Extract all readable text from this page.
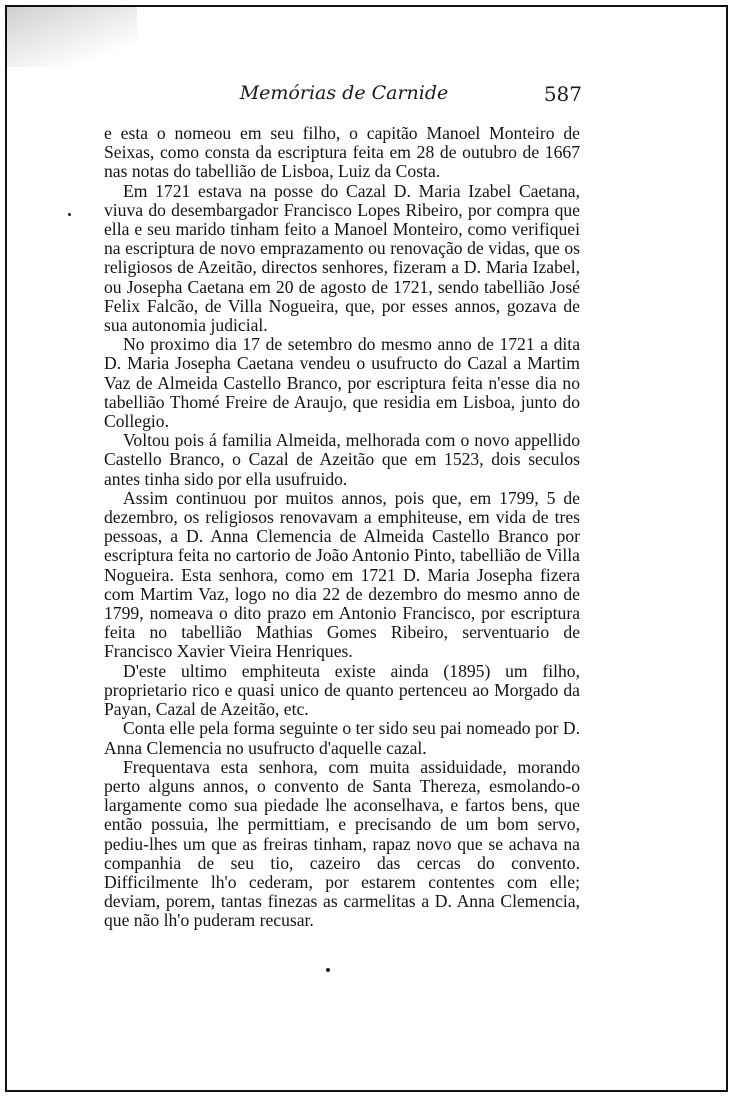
Memórias de Carnide	587

e esta o nomeou em seu filho, o capitão Manoel Monteiro de Seixas, como consta da escriptura feita em 28 de outubro de 1667 nas notas do tabellião de Lisboa, Luiz da Costa.

Em 1721 estava na posse do Cazal D. Maria Izabel Caetana, viuva do desembargador Francisco Lopes Ribeiro, por compra que ella e seu marido tinham feito a Manoel Monteiro, como verifiquei na escriptura de novo emprazamento ou renovação de vidas, que os religiosos de Azeitão, directos senhores, fizeram a D. Maria Izabel, ou Josepha Caetana em 20 de agosto de 1721, sendo tabellião José Felix Falcão, de Villa Nogueira, que, por esses annos, gozava de sua autonomia judicial.

No proximo dia 17 de setembro do mesmo anno de 1721 a dita D. Maria Josepha Caetana vendeu o usufructo do Cazal a Martim Vaz de Almeida Castello Branco, por escriptura feita n'esse dia no tabellião Thomé Freire de Araujo, que residia em Lisboa, junto do Collegio.

Voltou pois á familia Almeida, melhorada com o novo appellido Castello Branco, o Cazal de Azeitão que em 1523, dois seculos antes tinha sido por ella usufruido.

Assim continuou por muitos annos, pois que, em 1799, 5 de dezembro, os religiosos renovavam a emphiteuse, em vida de tres pessoas, a D. Anna Clemencia de Almeida Castello Branco por escriptura feita no cartorio de João Antonio Pinto, tabellião de Villa Nogueira. Esta senhora, como em 1721 D. Maria Josepha fizera com Martim Vaz, logo no dia 22 de dezembro do mesmo anno de 1799, nomeava o dito prazo em Antonio Francisco, por escriptura feita no tabellião Mathias Gomes Ribeiro, serventuario de Francisco Xavier Vieira Henriques.

D'este ultimo emphiteuta existe ainda (1895) um filho, proprietario rico e quasi unico de quanto pertenceu ao Morgado da Payan, Cazal de Azeitão, etc.

Conta elle pela forma seguinte o ter sido seu pai nomeado por D. Anna Clemencia no usufructo d'aquelle cazal.

Frequentava esta senhora, com muita assiduidade, morando perto alguns annos, o convento de Santa Thereza, esmolando-o largamente como sua piedade lhe aconselhava, e fartos bens, que então possuia, lhe permittiam, e precisando de um bom servo, pediu-lhes um que as freiras tinham, rapaz novo que se achava na companhia de seu tio, cazeiro das cercas do convento. Difficilmente lh'o cederam, por estarem contentes com elle; deviam, porem, tantas finezas as carmelitas a D. Anna Clemencia, que não lh'o puderam recusar.
